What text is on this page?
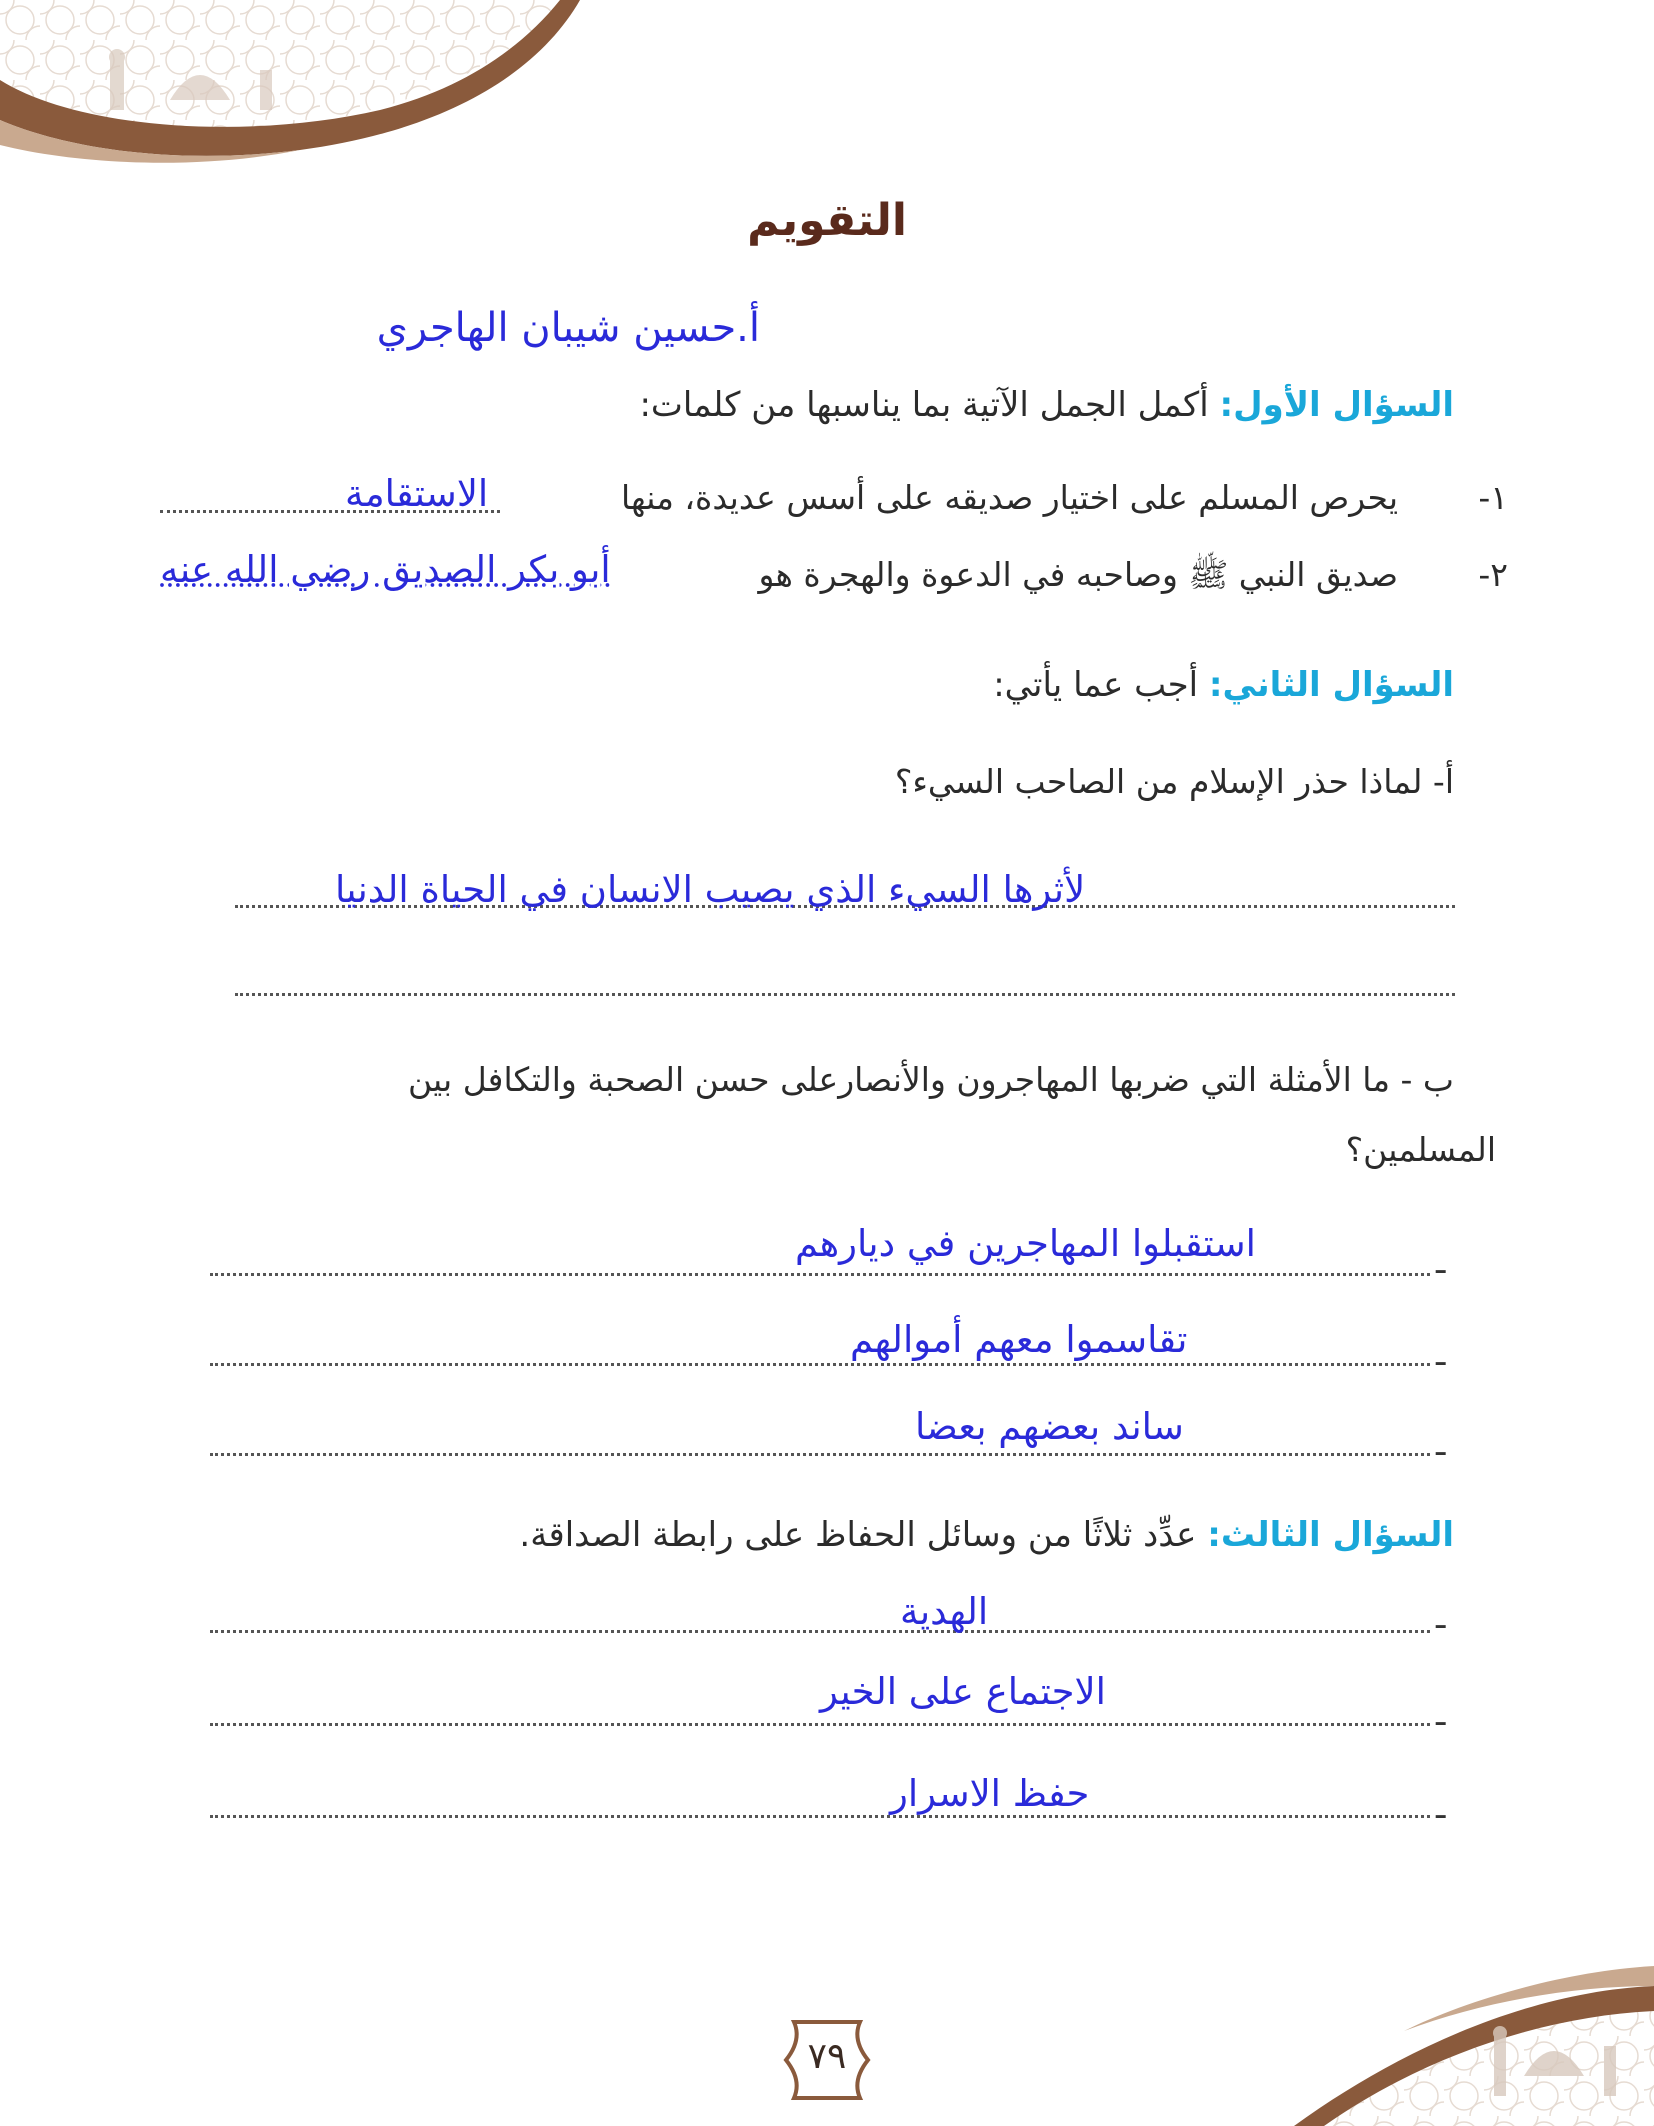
التقويم
أ.حسين شيبان الهاجري
السؤال الأول: أكمل الجمل الآتية بما يناسبها من كلمات:
١-
يحرص المسلم على اختيار صديقه على أسس عديدة، منها
الاستقامة
٢-
صديق النبي ﷺ وصاحبه في الدعوة والهجرة هو
أبو بكر الصديق رضي الله عنه
السؤال الثاني: أجب عما يأتي:
أ- لماذا حذر الإسلام من الصاحب السيء؟
لأثرها السيء الذي يصيب الانسان في الحياة الدنيا
ب - ما الأمثلة التي ضربها المهاجرون والأنصارعلى حسن الصحبة والتكافل بين
المسلمين؟
ـ
استقبلوا المهاجرين في ديارهم
ـ
تقاسموا معهم أموالهم
ـ
ساند بعضهم بعضا
السؤال الثالث: عدِّد ثلاثًا من وسائل الحفاظ على رابطة الصداقة.
ـ
الهدية
ـ
الاجتماع على الخير
ـ
حفظ الاسرار
٧٩
